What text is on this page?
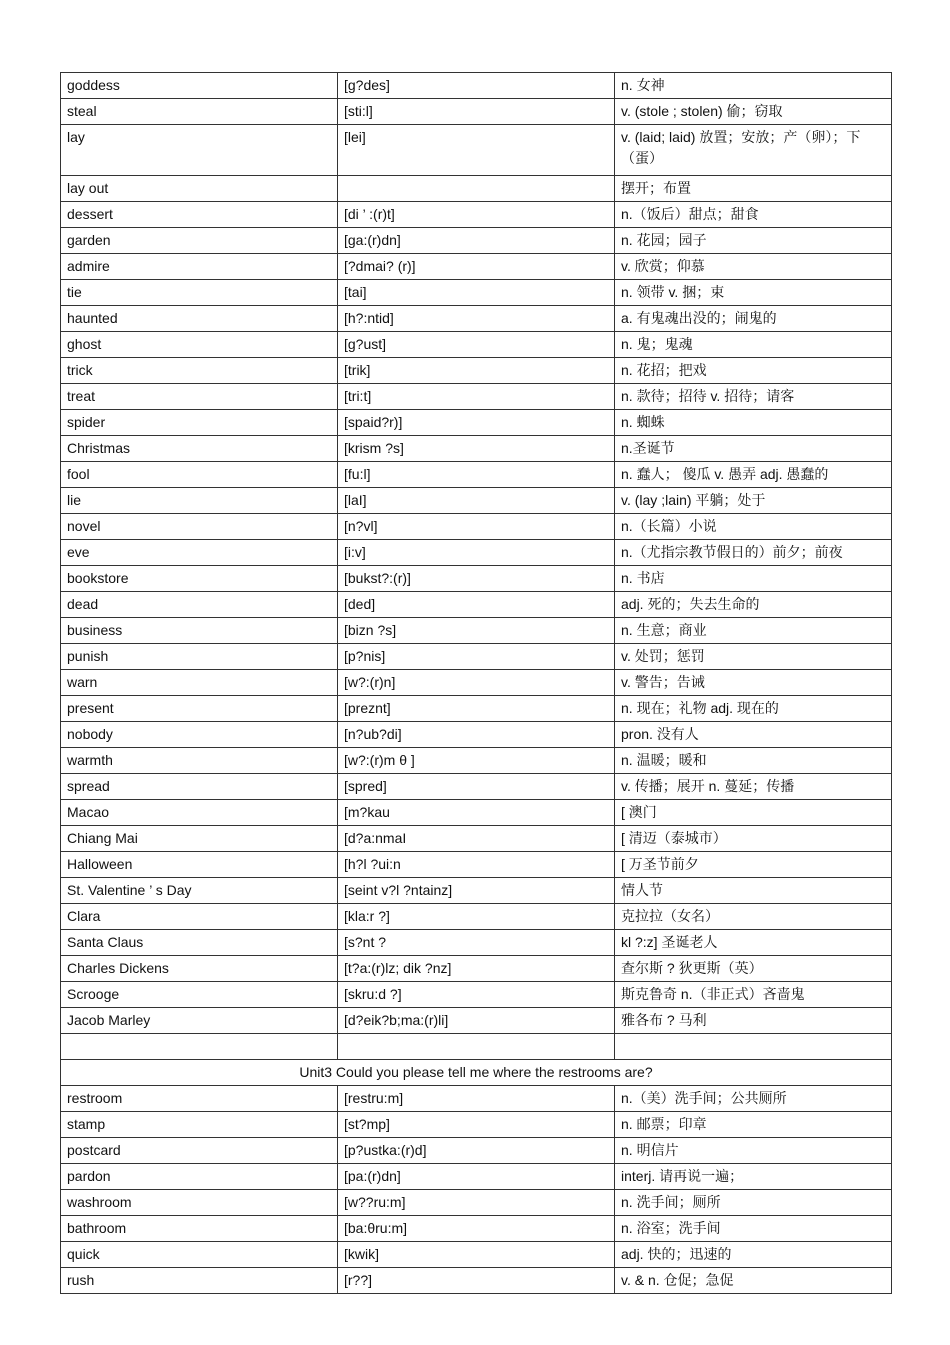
goddess	[g?des]	n. 女神
steal	[sti:l]	v. (stole ; stolen) 偷；窃取
lay	[lei]	v. (laid; laid) 放置；安放；产（卵）；下（蛋）
lay out		摆开；布置
dessert	[di ’ :(r)t]	n.（饭后）甜点；甜食
garden	[ga:(r)dn]	n. 花园；园子
admire	[?dmai? (r)]	v. 欣赏；仰慕
tie	[tai]	n. 领带 v. 捆；束
haunted	[h?:ntid]	a. 有鬼魂出没的；闹鬼的
ghost	[g?ust]	n. 鬼；鬼魂
trick	[trik]	n. 花招；把戏
treat	[tri:t]	n. 款待；招待 v. 招待；请客
spider	[spaid?r)]	n. 蜘蛛
Christmas	[krism ?s]	n.圣诞节
fool	[fu:l]	n. 蠢人； 傻瓜 v. 愚弄 adj. 愚蠢的
lie	[laI]	v. (lay ;lain) 平躺；处于
novel	[n?vl]	n.（长篇）小说
eve	[i:v]	n.（尤指宗教节假日的）前夕；前夜
bookstore	[bukst?:(r)]	n. 书店
dead	[ded]	adj. 死的；失去生命的
business	[bizn ?s]	n. 生意；商业
punish	[p?nis]	v. 处罚；惩罚
warn	[w?:(r)n]	v. 警告；告诫
present	[preznt]	n. 现在；礼物 adj. 现在的
nobody	[n?ub?di]	pron. 没有人
warmth	[w?:(r)m θ ]	n. 温暖；暖和
spread	[spred]	v. 传播；展开 n. 蔓延；传播
Macao	[m?kau	[ 澳门
Chiang Mai	[d?a:nmaI	[ 清迈（泰城市）
Halloween	[h?l ?ui:n	[ 万圣节前夕
St. Valentine ’ s Day	[seint v?l ?ntainz]	情人节
Clara	[kla:r ?]	克拉拉（女名）
Santa Claus	[s?nt ?	kl ?:z] 圣诞老人
Charles Dickens	[t?a:(r)lz; dik ?nz]	查尔斯 ? 狄更斯（英）
Scrooge	[skru:d ?]	斯克鲁奇 n.（非正式）吝啬鬼
Jacob Marley	[d?eik?b;ma:(r)li]	雅各布 ? 马利

Unit3 Could you please tell me where the restrooms are?		
restroom	[restru:m]	n.（美）洗手间；公共厕所
stamp	[st?mp]	n. 邮票；印章
postcard	[p?ustka:(r)d]	n. 明信片
pardon	[pa:(r)dn]	interj. 请再说一遍；
washroom	[w??ru:m]	n. 洗手间；厕所
bathroom	[ba:θru:m]	n. 浴室；洗手间
quick	[kwik]	adj. 快的；迅速的
rush	[r??]	v. & n. 仓促；急促
